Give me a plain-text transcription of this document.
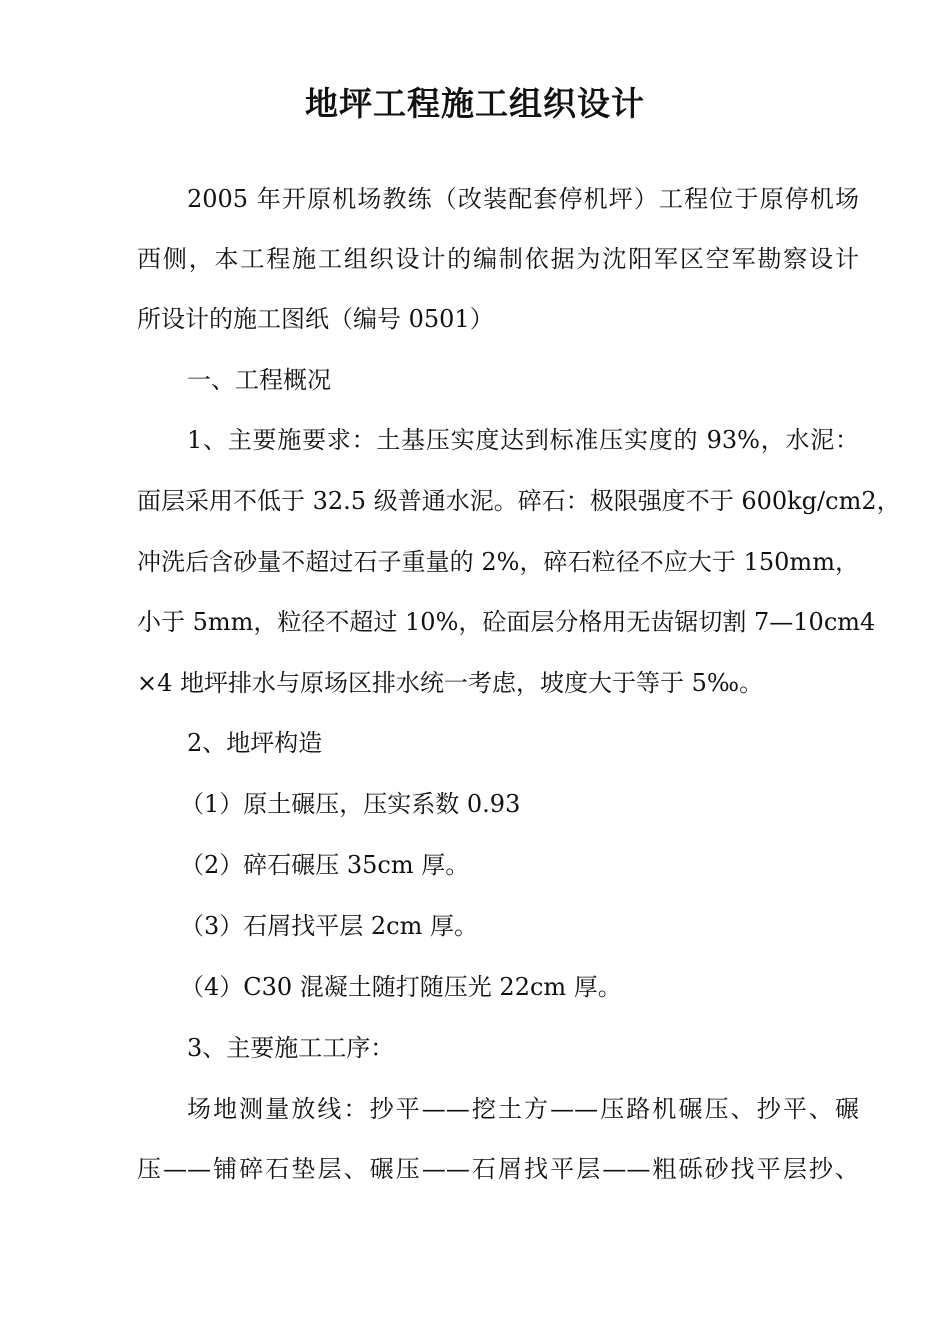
地坪工程施工组织设计
2005 年开原机场教练（改装配套停机坪）工程位于原停机场
西侧，本工程施工组织设计的编制依据为沈阳军区空军勘察设计
所设计的施工图纸（编号 0501）
一、工程概况
1、主要施要求：土基压实度达到标准压实度的 93%，水泥：
面层采用不低于 32.5 级普通水泥。碎石：极限强度不于 600kg/cm2，
冲洗后含砂量不超过石子重量的 2%，碎石粒径不应大于 150mm，
小于 5mm，粒径不超过 10%，砼面层分格用无齿锯切割 7—10cm4
×4 地坪排水与原场区排水统一考虑，坡度大于等于 5‰。
2、地坪构造
（1）原土碾压，压实系数 0.93
（2）碎石碾压 35cm 厚。
（3）石屑找平层 2cm 厚。
（4）C30 混凝土随打随压光 22cm 厚。
3、主要施工工序：
场地测量放线：抄平——挖土方——压路机碾压、抄平、碾
压——铺碎石垫层、碾压——石屑找平层——粗砾砂找平层抄、
